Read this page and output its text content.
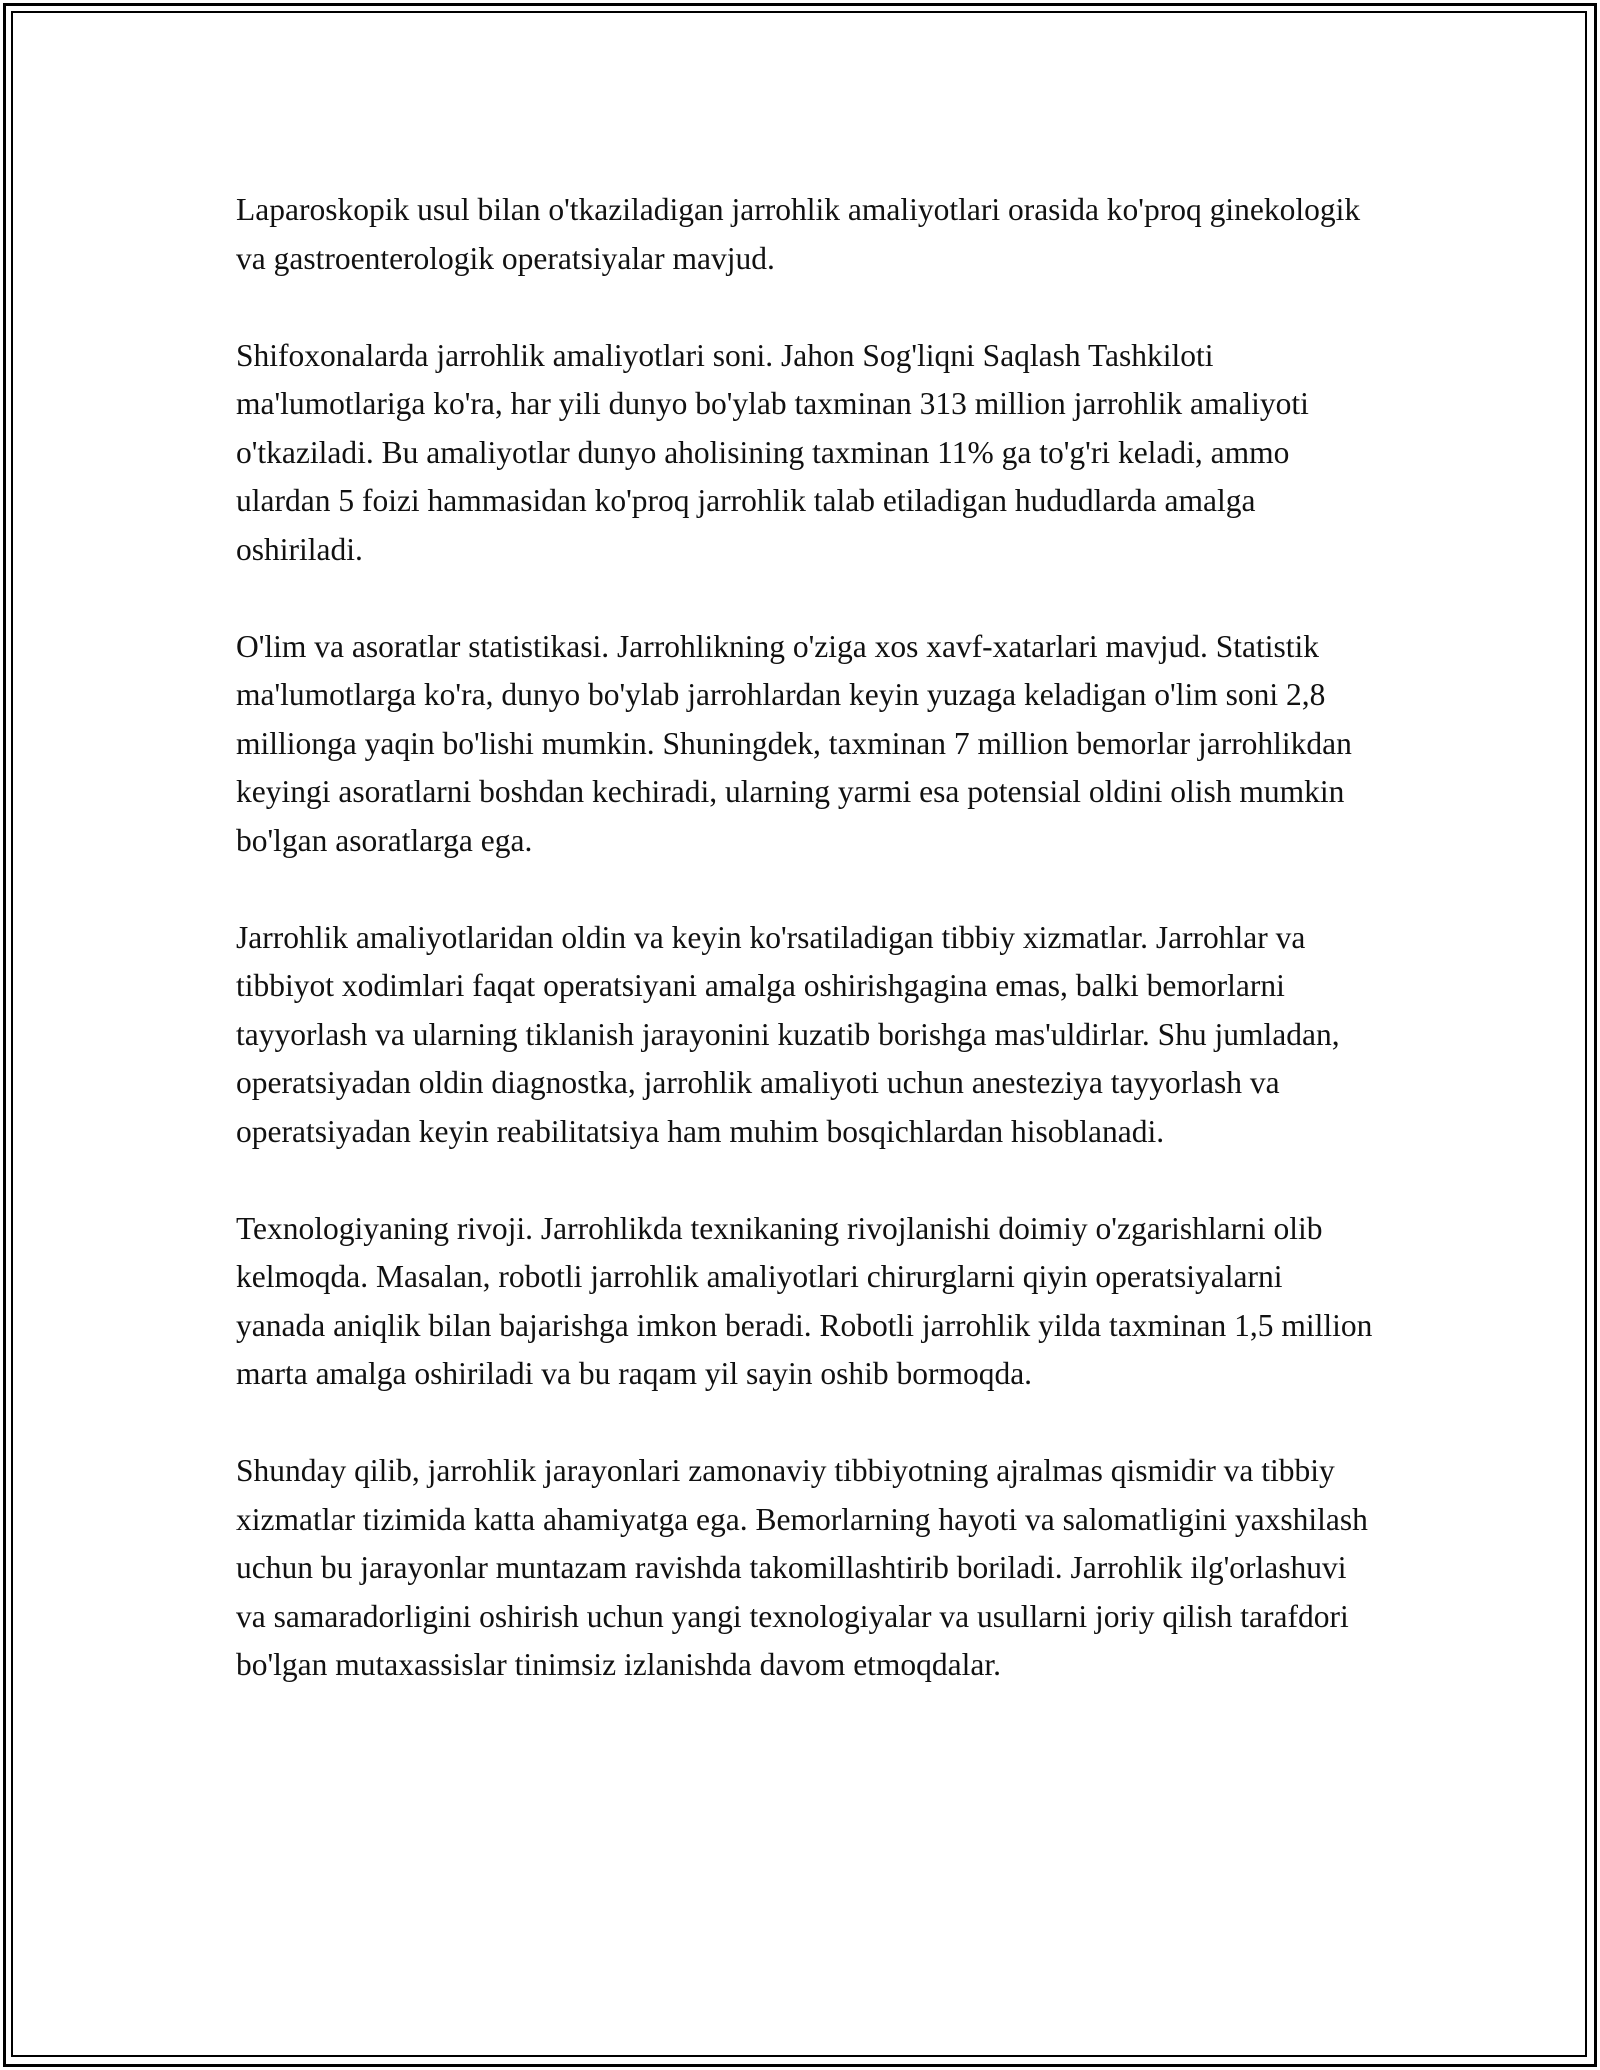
Laparoskopik usul bilan o'tkaziladigan jarrohlik amaliyotlari orasida ko'proq ginekologik va gastroenterologik operatsiyalar mavjud.

Shifoxonalarda jarrohlik amaliyotlari soni. Jahon Sog'liqni Saqlash Tashkiloti ma'lumotlariga ko'ra, har yili dunyo bo'ylab taxminan 313 million jarrohlik amaliyoti o'tkaziladi. Bu amaliyotlar dunyo aholisining taxminan 11% ga to'g'ri keladi, ammo ulardan 5 foizi hammasidan ko'proq jarrohlik talab etiladigan hududlarda amalga oshiriladi.

O'lim va asoratlar statistikasi. Jarrohlikning o'ziga xos xavf-xatarlari mavjud. Statistik ma'lumotlarga ko'ra, dunyo bo'ylab jarrohlardan keyin yuzaga keladigan o'lim soni 2,8 millionga yaqin bo'lishi mumkin. Shuningdek, taxminan 7 million bemorlar jarrohlikdan keyingi asoratlarni boshdan kechiradi, ularning yarmi esa potensial oldini olish mumkin bo'lgan asoratlarga ega.

Jarrohlik amaliyotlaridan oldin va keyin ko'rsatiladigan tibbiy xizmatlar. Jarrohlar va tibbiyot xodimlari faqat operatsiyani amalga oshirishgagina emas, balki bemorlarni tayyorlash va ularning tiklanish jarayonini kuzatib borishga mas'uldirlar. Shu jumladan, operatsiyadan oldin diagnostka, jarrohlik amaliyoti uchun anesteziya tayyorlash va operatsiyadan keyin reabilitatsiya ham muhim bosqichlardan hisoblanadi.

Texnologiyaning rivoji. Jarrohlikda texnikaning rivojlanishi doimiy o'zgarishlarni olib kelmoqda. Masalan, robotli jarrohlik amaliyotlari chirurglarni qiyin operatsiyalarni yanada aniqlik bilan bajarishga imkon beradi. Robotli jarrohlik yilda taxminan 1,5 million marta amalga oshiriladi va bu raqam yil sayin oshib bormoqda.

Shunday qilib, jarrohlik jarayonlari zamonaviy tibbiyotning ajralmas qismidir va tibbiy xizmatlar tizimida katta ahamiyatga ega. Bemorlarning hayoti va salomatligini yaxshilash uchun bu jarayonlar muntazam ravishda takomillashtirib boriladi. Jarrohlik ilg'orlashuvi va samaradorligini oshirish uchun yangi texnologiyalar va usullarni joriy qilish tarafdori bo'lgan mutaxassislar tinimsiz izlanishda davom etmoqdalar.
